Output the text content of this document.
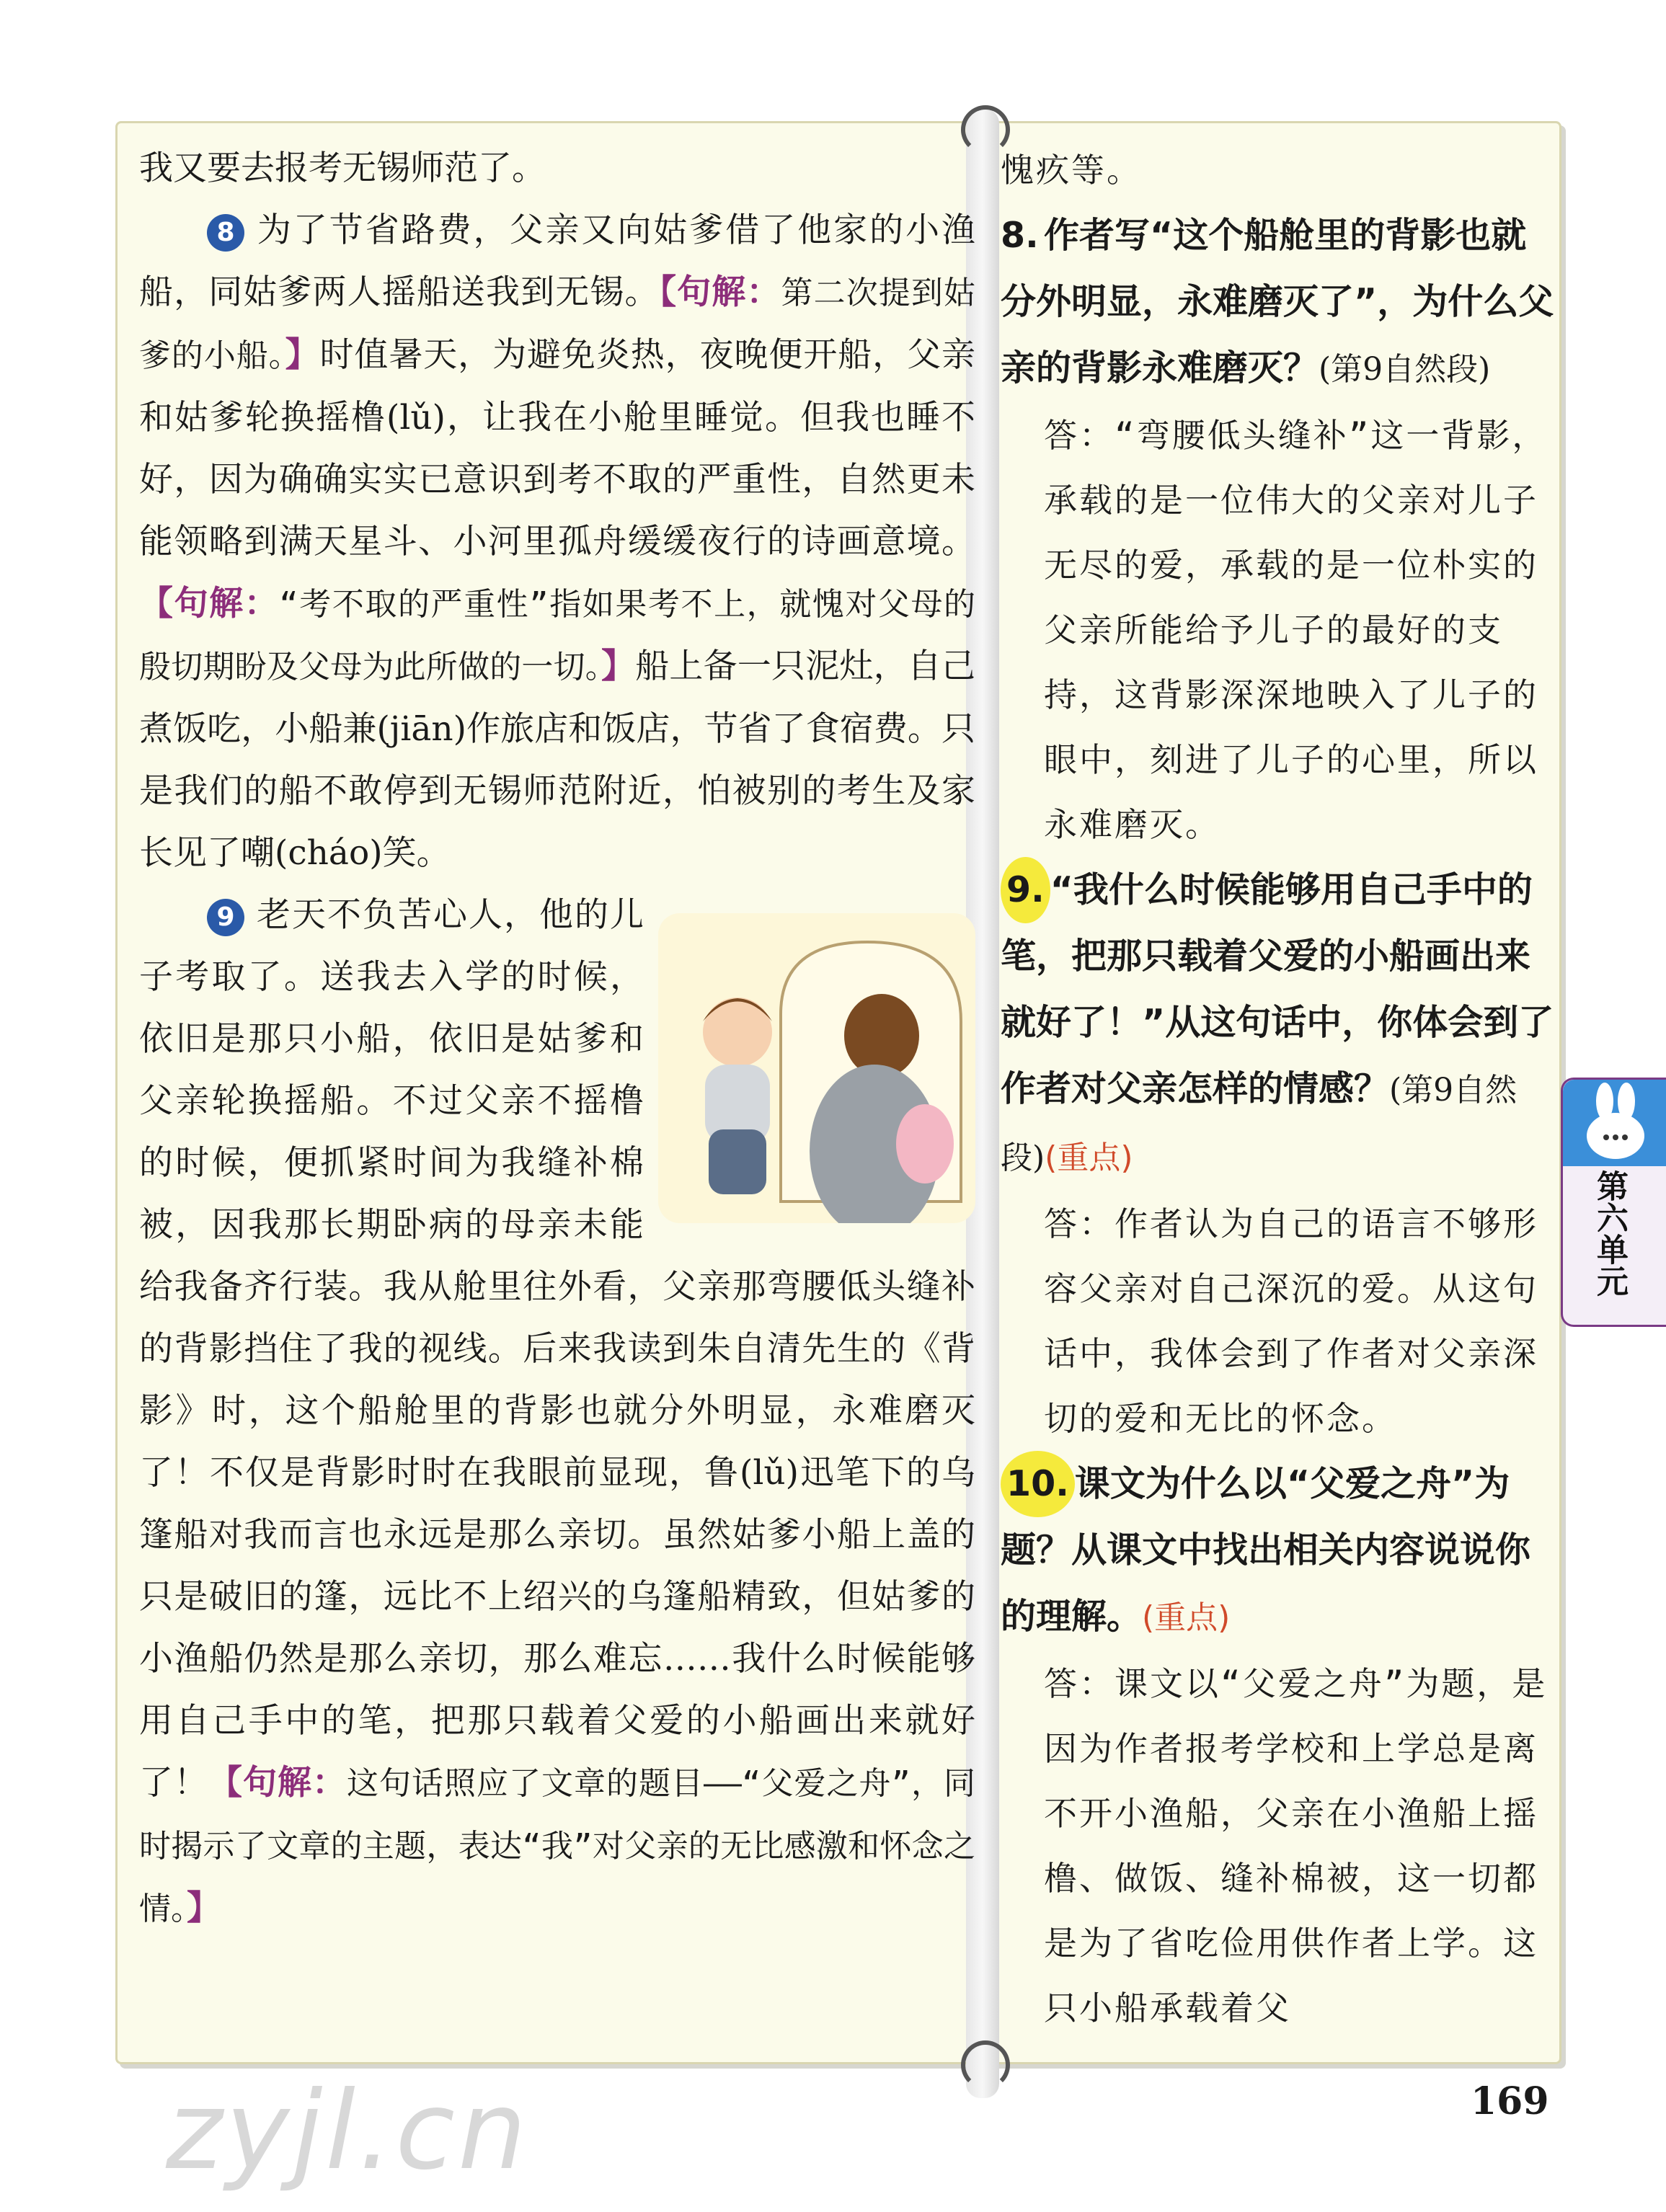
zyjl.cn

我又要去报考无锡师范了。

8 为了节省路费，父亲又向姑爹借了他家的小渔船，同姑爹两人摇船送我到无锡。【句解：第二次提到姑爹的小船。】时值暑天，为避免炎热，夜晚便开船，父亲和姑爹轮换摇橹(lǔ)，让我在小舱里睡觉。但我也睡不好，因为确确实实已意识到考不取的严重性，自然更未能领略到满天星斗、小河里孤舟缓缓夜行的诗画意境。【句解：“考不取的严重性”指如果考不上，就愧对父母的殷切期盼及父母为此所做的一切。】船上备一只泥灶，自己煮饭吃，小船兼(jiān)作旅店和饭店，节省了食宿费。只是我们的船不敢停到无锡师范附近，怕被别的考生及家长见了嘲(cháo)笑。

9 老天不负苦心人，他的儿子考取了。送我去入学的时候，依旧是那只小船，依旧是姑爹和父亲轮换摇船。不过父亲不摇橹的时候，便抓紧时间为我缝补棉被，因我那长期卧病的母亲未能给我备齐行装。我从舱里往外看，父亲那弯腰低头缝补的背影挡住了我的视线。后来我读到朱自清先生的《背影》时，这个船舱里的背影也就分外明显，永难磨灭了！不仅是背影时时在我眼前显现，鲁(lǔ)迅笔下的乌篷船对我而言也永远是那么亲切。虽然姑爹小船上盖的只是破旧的篷，远比不上绍兴的乌篷船精致，但姑爹的小渔船仍然是那么亲切，那么难忘……我什么时候能够用自己手中的笔，把那只载着父爱的小船画出来就好了！【句解：这句话照应了文章的题目——“父爱之舟”，同时揭示了文章的主题，表达“我”对父亲的无比感激和怀念之情。】

愧疚等。

8. 作者写“这个船舱里的背影也就分外明显，永难磨灭了”，为什么父亲的背影永难磨灭？(第9自然段)

答：“弯腰低头缝补”这一背影，承载的是一位伟大的父亲对儿子无尽的爱，承载的是一位朴实的父亲所能给予儿子的最好的支持，这背影深深地映入了儿子的眼中，刻进了儿子的心里，所以永难磨灭。

9. “我什么时候能够用自己手中的笔，把那只载着父爱的小船画出来就好了！”从这句话中，你体会到了作者对父亲怎样的情感？(第9自然段)(重点)

答：作者认为自己的语言不够形容父亲对自己深沉的爱。从这句话中，我体会到了作者对父亲深切的爱和无比的怀念。

10. 课文为什么以“父爱之舟”为题？从课文中找出相关内容说说你的理解。(重点)

答：课文以“父爱之舟”为题，是因为作者报考学校和上学总是离不开小渔船，父亲在小渔船上摇橹、做饭、缝补棉被，这一切都是为了省吃俭用供作者上学。这只小船承载着父

第六单元
169
